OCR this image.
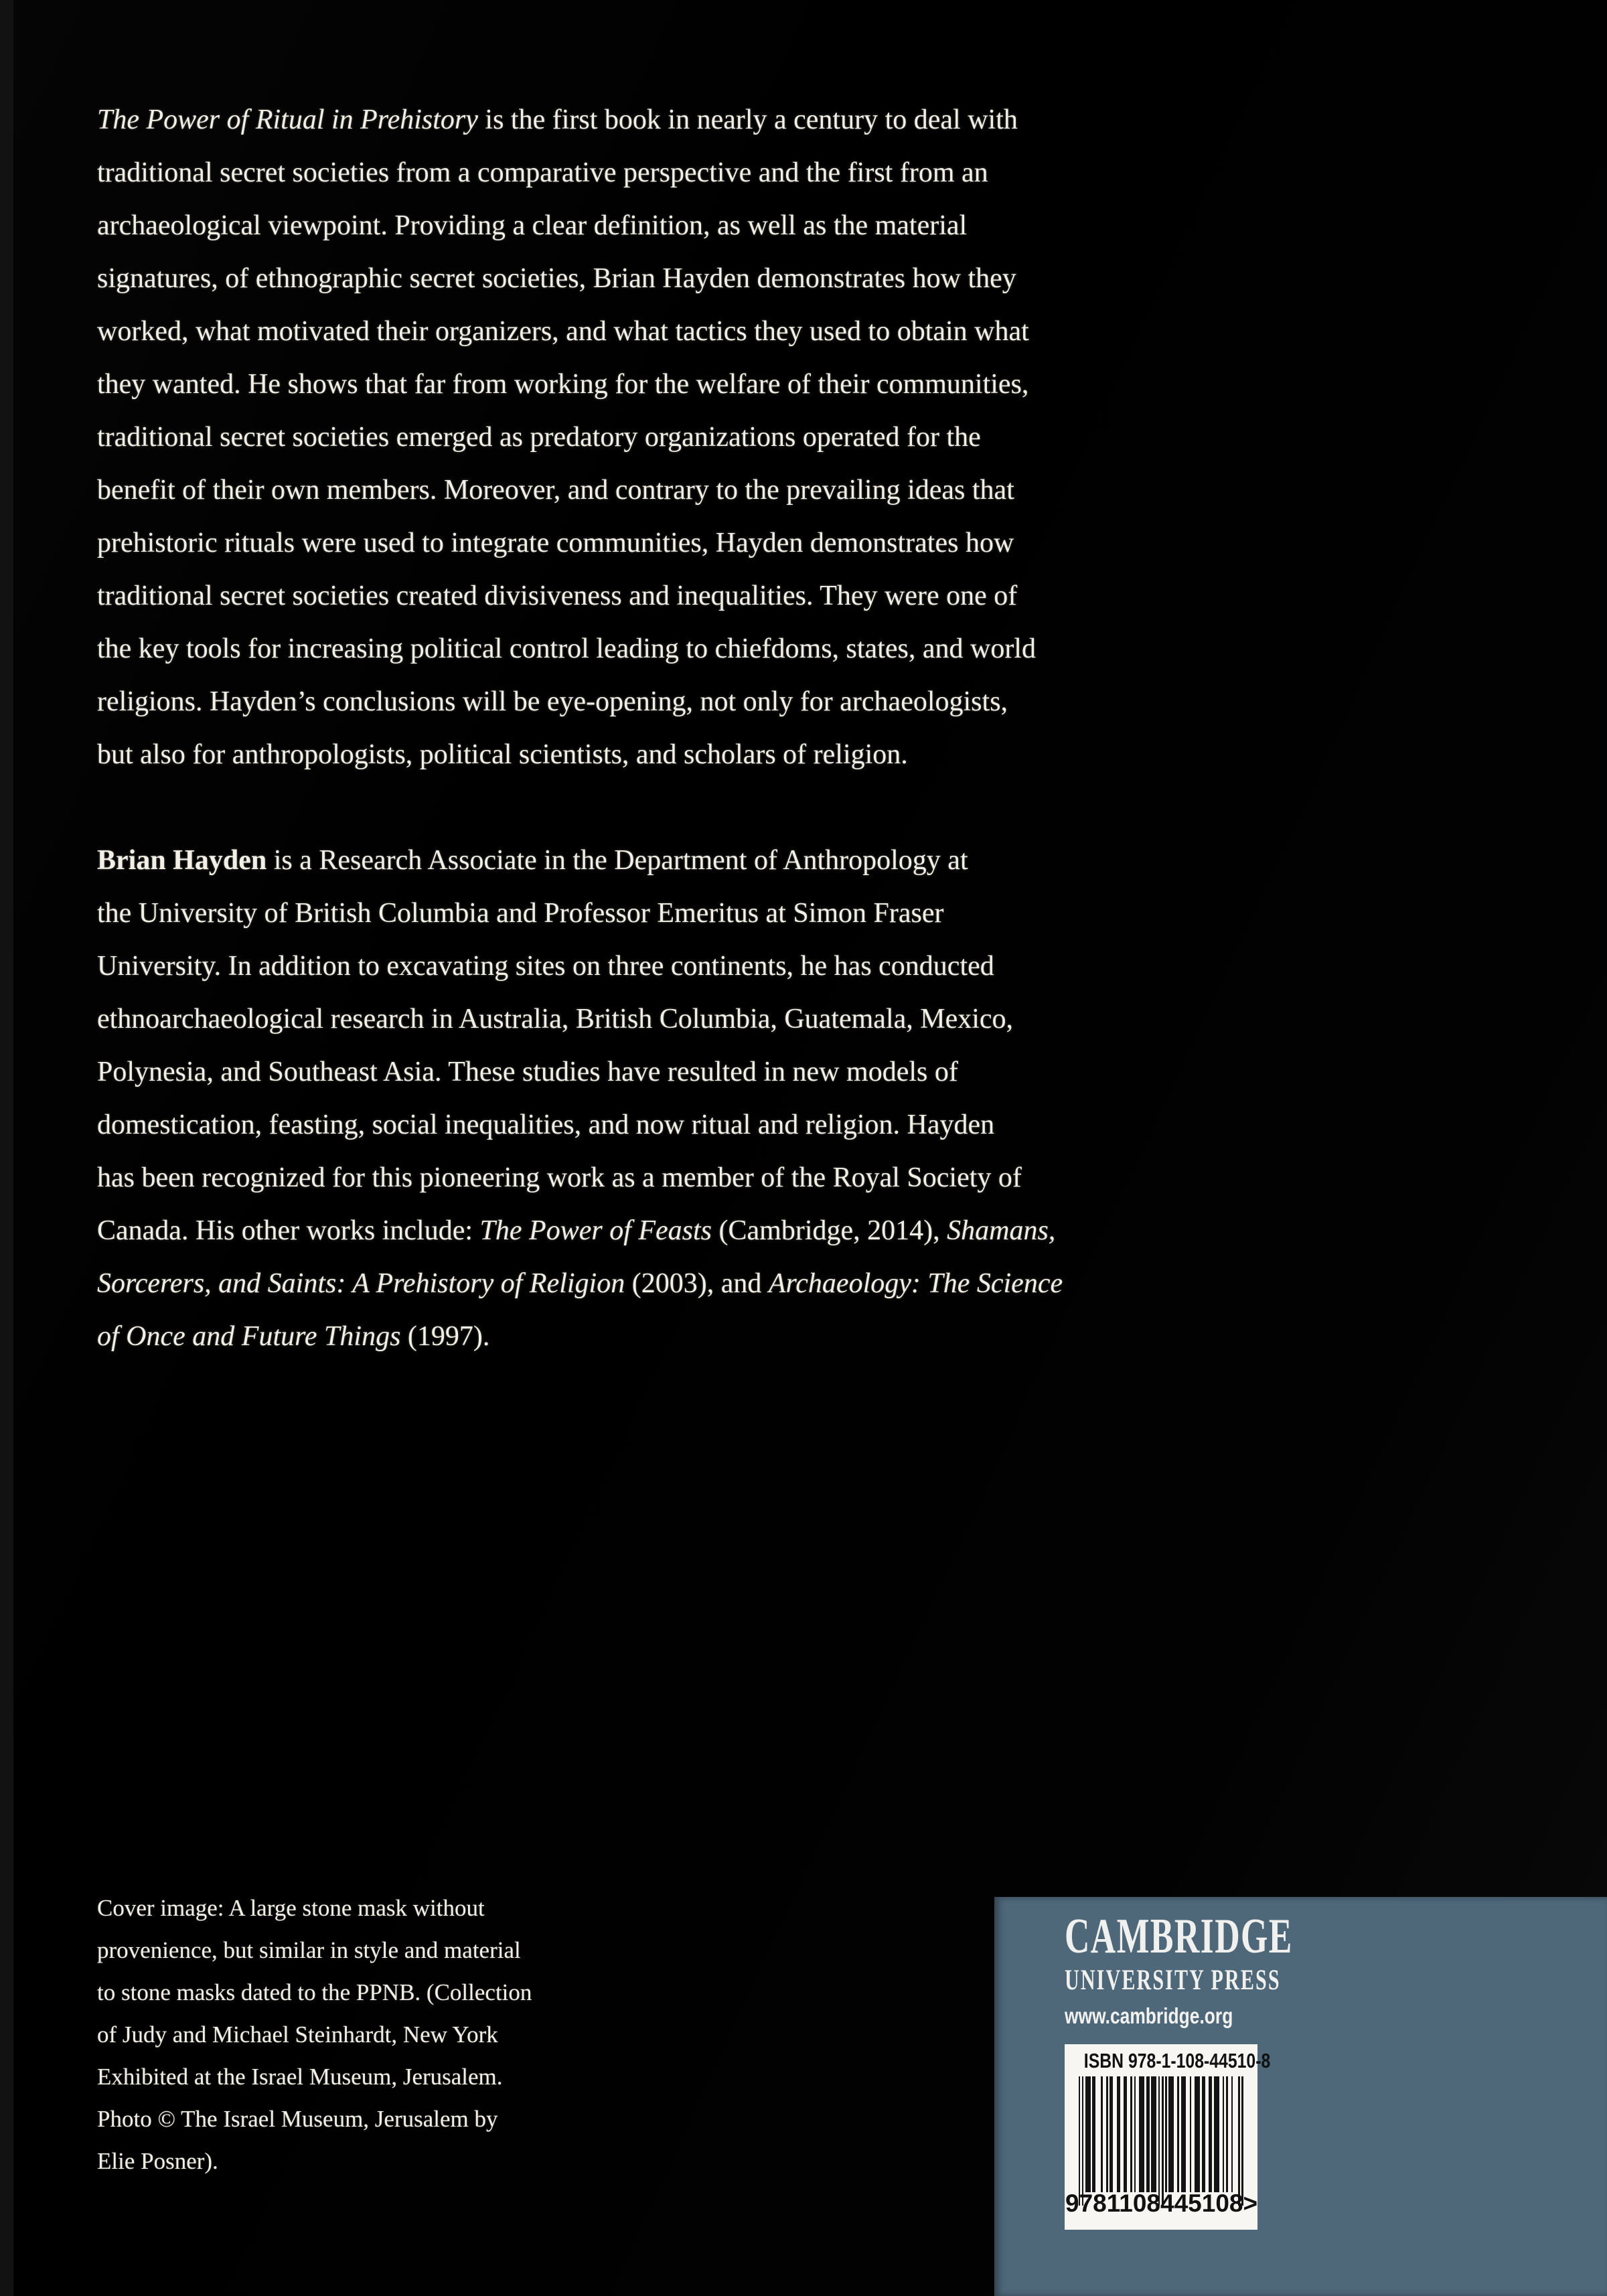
The Power of Ritual in Prehistory is the first book in nearly a century to deal with
traditional secret societies from a comparative perspective and the first from an
archaeological viewpoint. Providing a clear definition, as well as the material
signatures, of ethnographic secret societies, Brian Hayden demonstrates how they
worked, what motivated their organizers, and what tactics they used to obtain what
they wanted. He shows that far from working for the welfare of their communities,
traditional secret societies emerged as predatory organizations operated for the
benefit of their own members. Moreover, and contrary to the prevailing ideas that
prehistoric rituals were used to integrate communities, Hayden demonstrates how
traditional secret societies created divisiveness and inequalities. They were one of
the key tools for increasing political control leading to chiefdoms, states, and world
religions. Hayden’s conclusions will be eye-opening, not only for archaeologists,
but also for anthropologists, political scientists, and scholars of religion.
Brian Hayden is a Research Associate in the Department of Anthropology at
the University of British Columbia and Professor Emeritus at Simon Fraser
University. In addition to excavating sites on three continents, he has conducted
ethnoarchaeological research in Australia, British Columbia, Guatemala, Mexico,
Polynesia, and Southeast Asia. These studies have resulted in new models of
domestication, feasting, social inequalities, and now ritual and religion. Hayden
has been recognized for this pioneering work as a member of the Royal Society of
Canada. His other works include: The Power of Feasts (Cambridge, 2014), Shamans,
Sorcerers, and Saints: A Prehistory of Religion (2003), and Archaeology: The Science
of Once and Future Things (1997).
Cover image: A large stone mask without
provenience, but similar in style and material
to stone masks dated to the PPNB. (Collection
of Judy and Michael Steinhardt, New York
Exhibited at the Israel Museum, Jerusalem.
Photo © The Israel Museum, Jerusalem by
Elie Posner).
CAMBRIDGE
UNIVERSITY PRESS
www.cambridge.org
ISBN 978-1-108-44510-8
9 781108 445108 >
